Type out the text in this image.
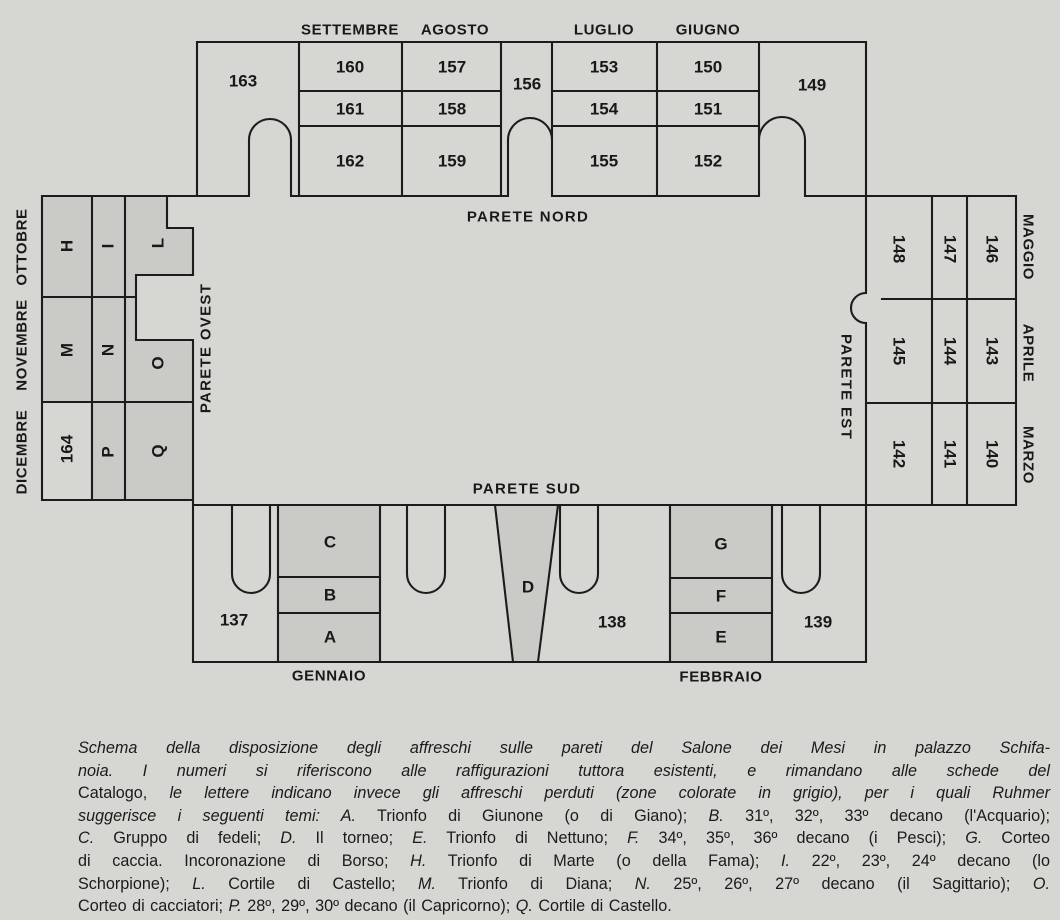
SETTEMBRE AGOSTO	LUGLIO	GIUGNO
163
160	157
156
153	150
149
161	158	154	151
162	159	155	152
PARETE NORD
PARETE SUD
PARETE OVEST	PARETE EST
H I L
M N
O
164 P Q
OTTOBRE
NOVEMBRE
DICEMBRE
148 147 146
145 144 143
142 141 140
MAGGIO
APRILE
MARZO
137	138	139
C
B
A
D
G
F
E
GENNAIO	FEBBRAIO
Schema della disposizione degli affreschi sulle pareti del Salone dei Mesi in palazzo Schifa-
noia. I numeri si riferiscono alle raffigurazioni tuttora esistenti, e rimandano alle schede del
Catalogo, le lettere indicano invece gli affreschi perduti (zone colorate in grigio), per i quali Ruhmer
suggerisce i seguenti temi: A. Trionfo di Giunone (o di Giano); B. 31º, 32º, 33º decano (l'Acquario);
C. Gruppo di fedeli; D. Il torneo; E. Trionfo di Nettuno; F. 34º, 35º, 36º decano (i Pesci); G. Corteo
di caccia. Incoronazione di Borso; H. Trionfo di Marte (o della Fama); I. 22º, 23º, 24º decano (lo
Schorpione); L. Cortile di Castello; M. Trionfo di Diana; N. 25º, 26º, 27º decano (il Sagittario); O.
Corteo di cacciatori; P. 28º, 29º, 30º decano (il Capricorno); Q. Cortile di Castello.
